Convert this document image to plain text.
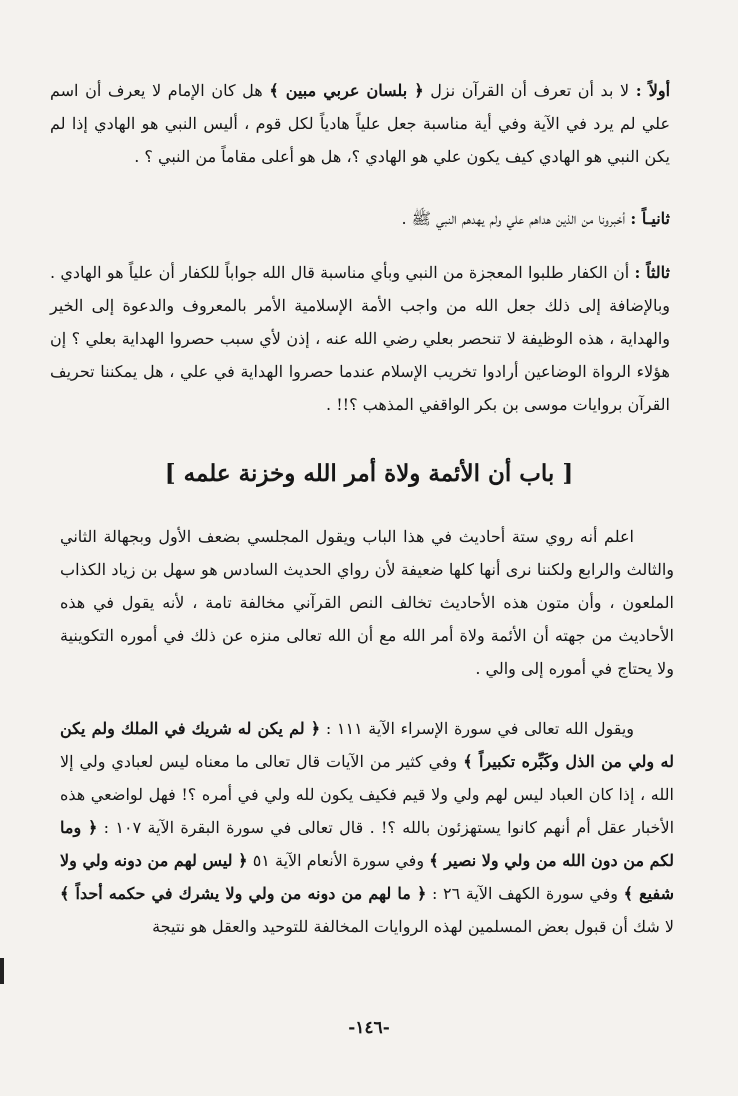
أولاً : لا بد أن تعرف أن القرآن نزل ﴿ بلسان عربي مبين ﴾ هل كان الإمام لا يعرف أن اسم علي لم يرد في الآية وفي أية مناسبة جعل علياً هادياً لكل قوم ، أليس النبي هو الهادي إذا لم يكن النبي هو الهادي كيف يكون علي هو الهادي ؟، هل هو أعلى مقاماً من النبي ؟ .
ثانيـاً : أخبرونا من الذين هداهم علي ولم يهدهم النبي ﷺ .
ثالثاً : أن الكفار طلبوا المعجزة من النبي وبأي مناسبة قال الله جواباً للكفار أن علياً هو الهادي . وبالإضافة إلى ذلك جعل الله من واجب الأمة الإسلامية الأمر بالمعروف والدعوة إلى الخير والهداية ، هذه الوظيفة لا تنحصر بعلي رضي الله عنه ، إذن لأي سبب حصروا الهداية بعلي ؟ إن هؤلاء الرواة الوضاعين أرادوا تخريب الإسلام عندما حصروا الهداية في علي ، هل يمكننا تحريف القرآن بروايات موسى بن بكر الواقفي المذهب ؟!! .
[ باب أن الأئمة ولاة أمر الله وخزنة علمه ]
اعلم أنه روي ستة أحاديث في هذا الباب ويقول المجلسي بضعف الأول وبجهالة الثاني والثالث والرابع ولكننا نرى أنها كلها ضعيفة لأن رواي الحديث السادس هو سهل بن زياد الكذاب الملعون ، وأن متون هذه الأحاديث تخالف النص القرآني مخالفة تامة ، لأنه يقول في هذه الأحاديث من جهته أن الأئمة ولاة أمر الله مع أن الله تعالى منزه عن ذلك في أموره التكوينية ولا يحتاج في أموره إلى والي .
ويقول الله تعالى في سورة الإسراء الآية ١١١ : ﴿ لم يكن له شريك في الملك ولم يكن له ولي من الذل وكَبِّره تكبيراً ﴾ وفي كثير من الآيات قال تعالى ما معناه ليس لعبادي ولي إلا الله ، إذا كان العباد ليس لهم ولي ولا قيم فكيف يكون لله ولي في أمره ؟! فهل لواضعي هذه الأخبار عقل أم أنهم كانوا يستهزئون بالله ؟! . قال تعالى في سورة البقرة الآية ١٠٧ : ﴿ وما لكم من دون الله من ولي ولا نصير ﴾ وفي سورة الأنعام الآية ٥١ ﴿ ليس لهم من دونه ولي ولا شفيع ﴾ وفي سورة الكهف الآية ٢٦ : ﴿ ما لهم من دونه من ولي ولا يشرك في حكمه أحداً ﴾ لا شك أن قبول بعض المسلمين لهذه الروايات المخالفة للتوحيد والعقل هو نتيجة
-١٤٦-
